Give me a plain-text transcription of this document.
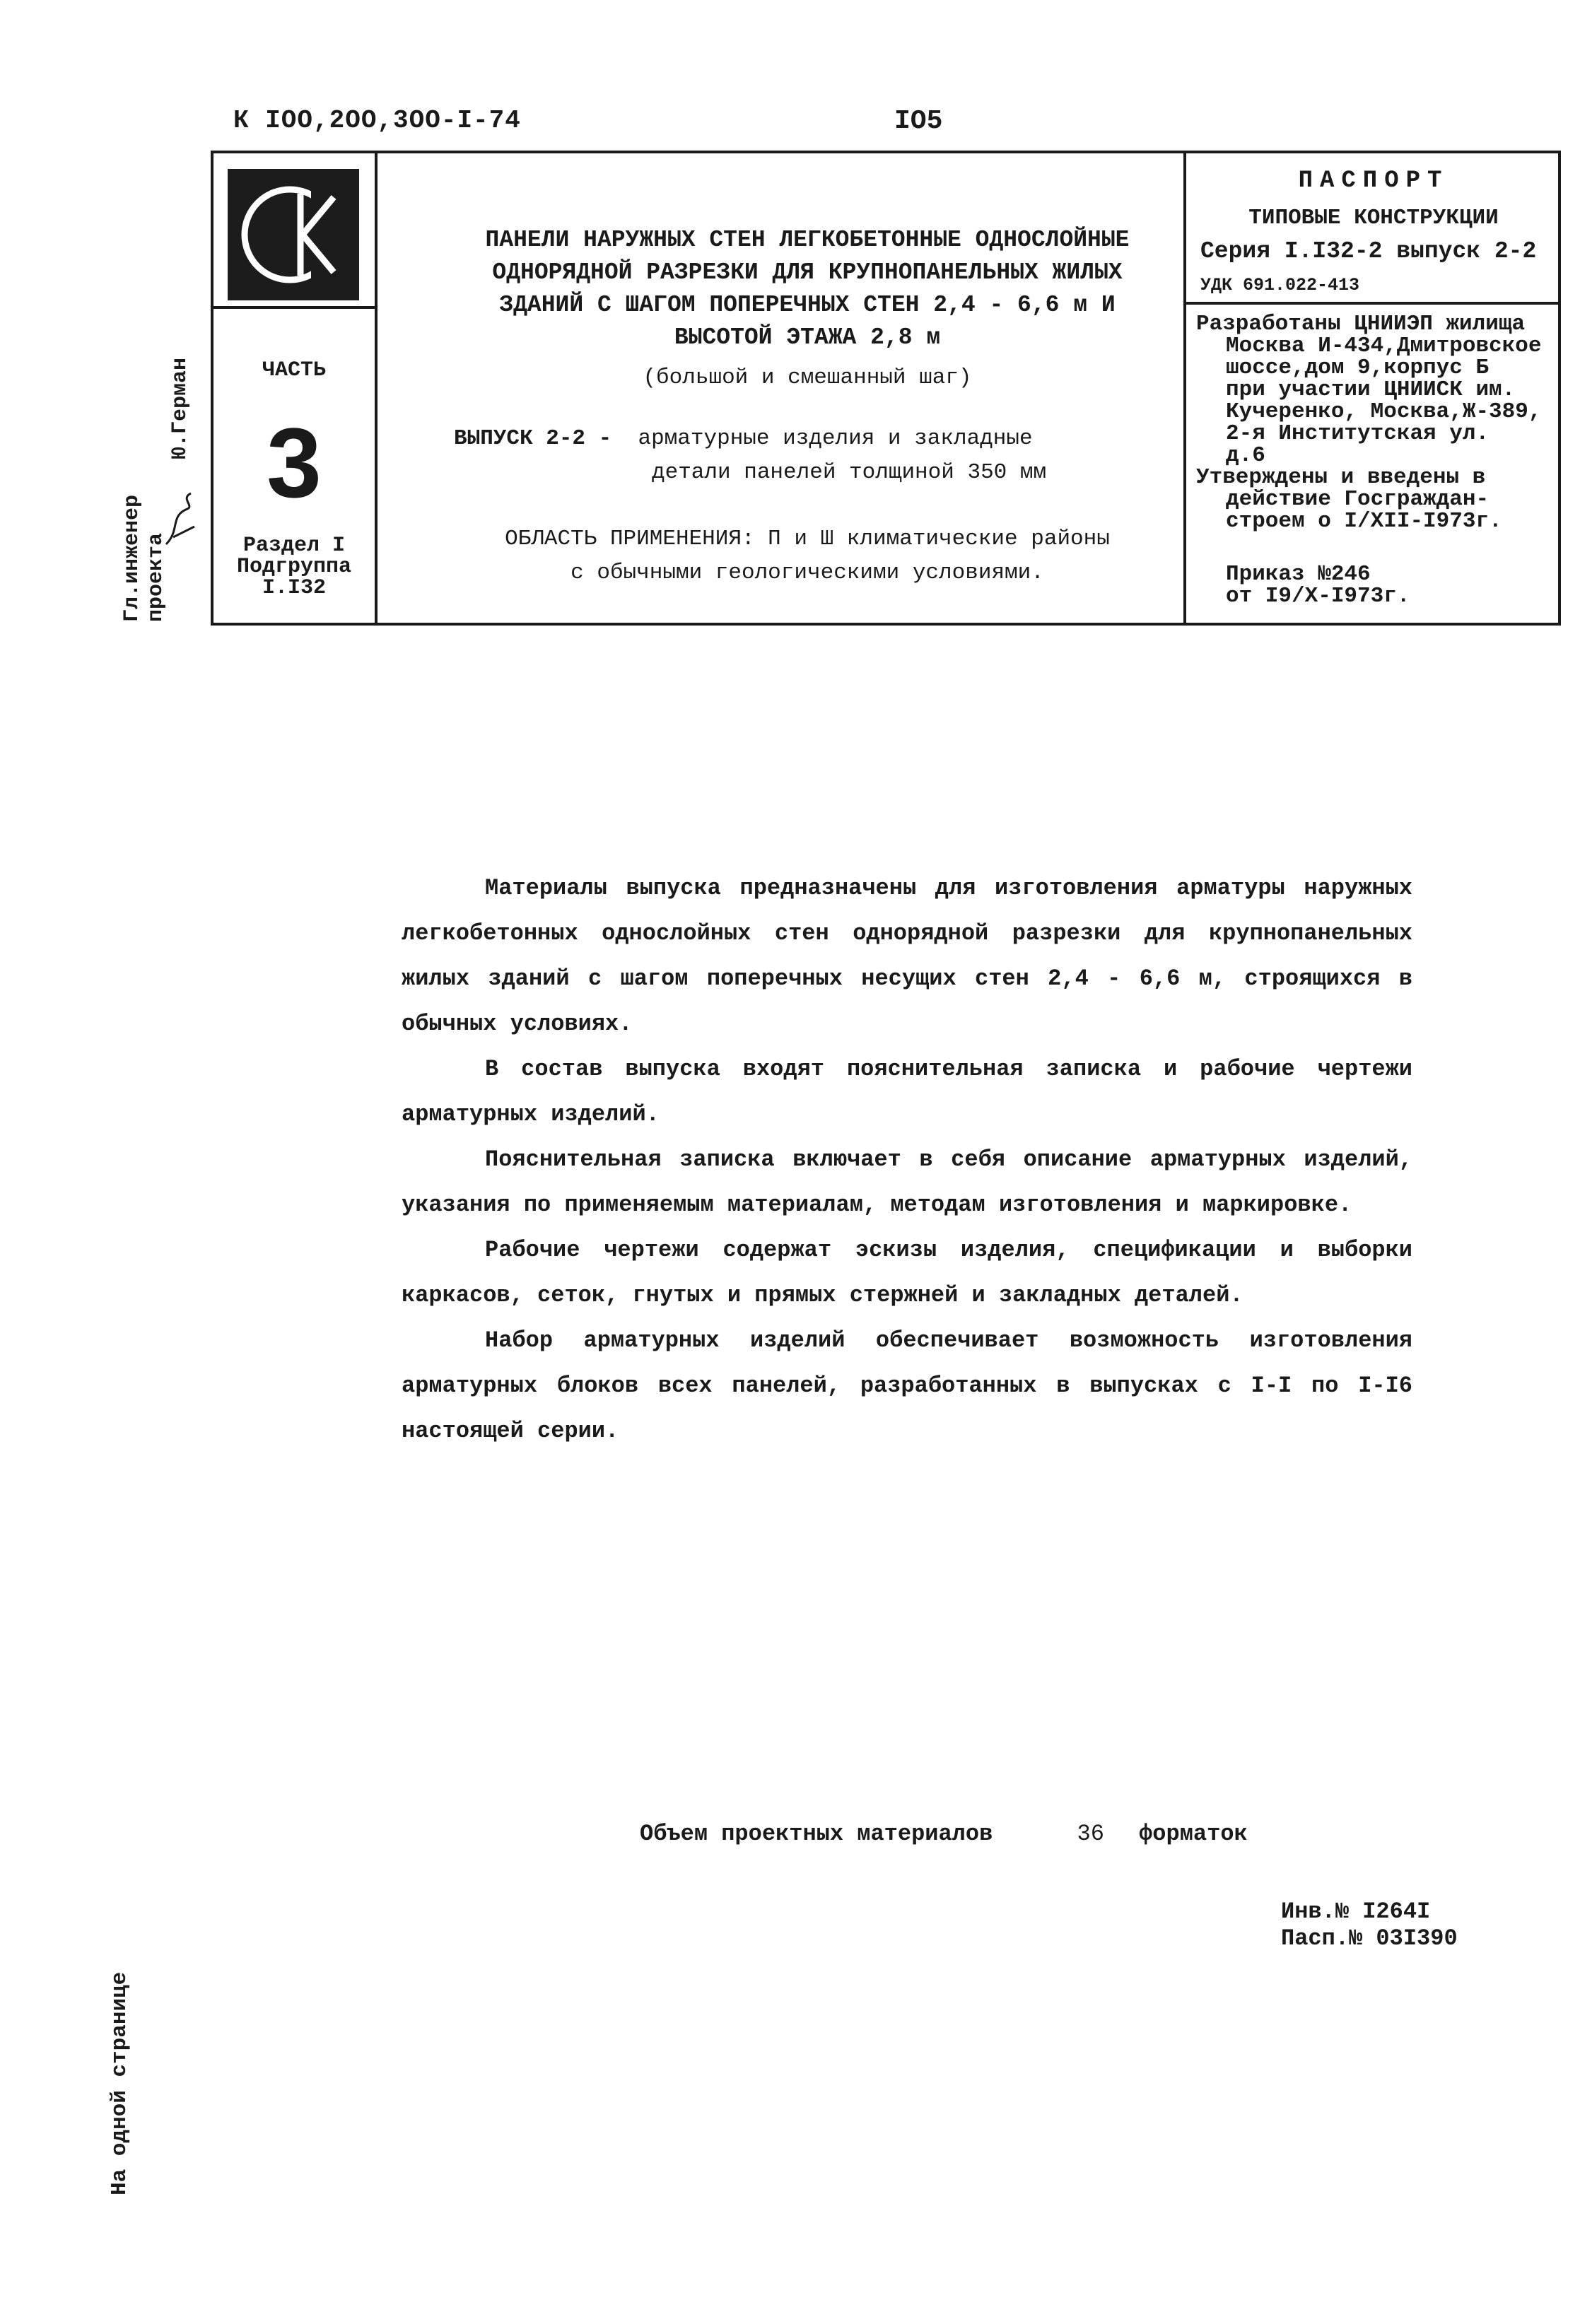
К IОО,2ОО,3ОО-I-74	IО5
ЧАСТЬ
3
Раздел I
Подгруппа
I.I32
ПАНЕЛИ НАРУЖНЫХ СТЕН ЛЕГКОБЕТОННЫЕ ОДНОСЛОЙНЫЕ
ОДНОРЯДНОЙ РАЗРЕЗКИ ДЛЯ КРУПНОПАНЕЛЬНЫХ ЖИЛЫХ
ЗДАНИЙ С ШАГОМ ПОПЕРЕЧНЫХ СТЕН 2,4 - 6,6 м И
ВЫСОТОЙ ЭТАЖА 2,8 м
(большой и смешанный шаг)
ВЫПУСК 2-2 - арматурные изделия и закладные
детали панелей толщиной 350 мм
ОБЛАСТЬ ПРИМЕНЕНИЯ: П и Ш климатические районы
с обычными геологическими условиями.
ПАСПОРТ
ТИПОВЫЕ КОНСТРУКЦИИ
Серия I.I32-2 выпуск 2-2
УДК 691.022-413
Разработаны ЦНИИЭП жилища
Москва И-434,Дмитровское
шоссе,дом 9,корпус Б
при участии ЦНИИСК им.
Кучеренко, Москва,Ж-389,
2-я Институтская ул.
д.6
Утверждены и введены в
действие Госграждан-
строем о I/XII-I973г.
Приказ №246
от I9/X-I973г.
Гл.инженер проекта
Ю.Герман

Материалы выпуска предназначены для изготовления арматуры наружных легкобетонных однослойных стен однорядной разрезки для крупнопанельных жилых зданий с шагом поперечных несущих стен 2,4 - 6,6 м, строящихся в обычных условиях.

В состав выпуска входят пояснительная записка и рабочие чертежи арматурных изделий.

Пояснительная записка включает в себя описание арматурных изделий, указания по применяемым материалам, методам изготовления и маркировке.

Рабочие чертежи содержат эскизы изделия, спецификации и выборки каркасов, сеток, гнутых и прямых стержней и закладных деталей.

Набор арматурных изделий обеспечивает возможность изготовления арматурных блоков всех панелей, разработанных в выпусках с I-I по I-I6 настоящей серии.

Объем проектных материалов	36 форматок
Инв.№ I264I
Пасп.№ 03I390
На одной странице
